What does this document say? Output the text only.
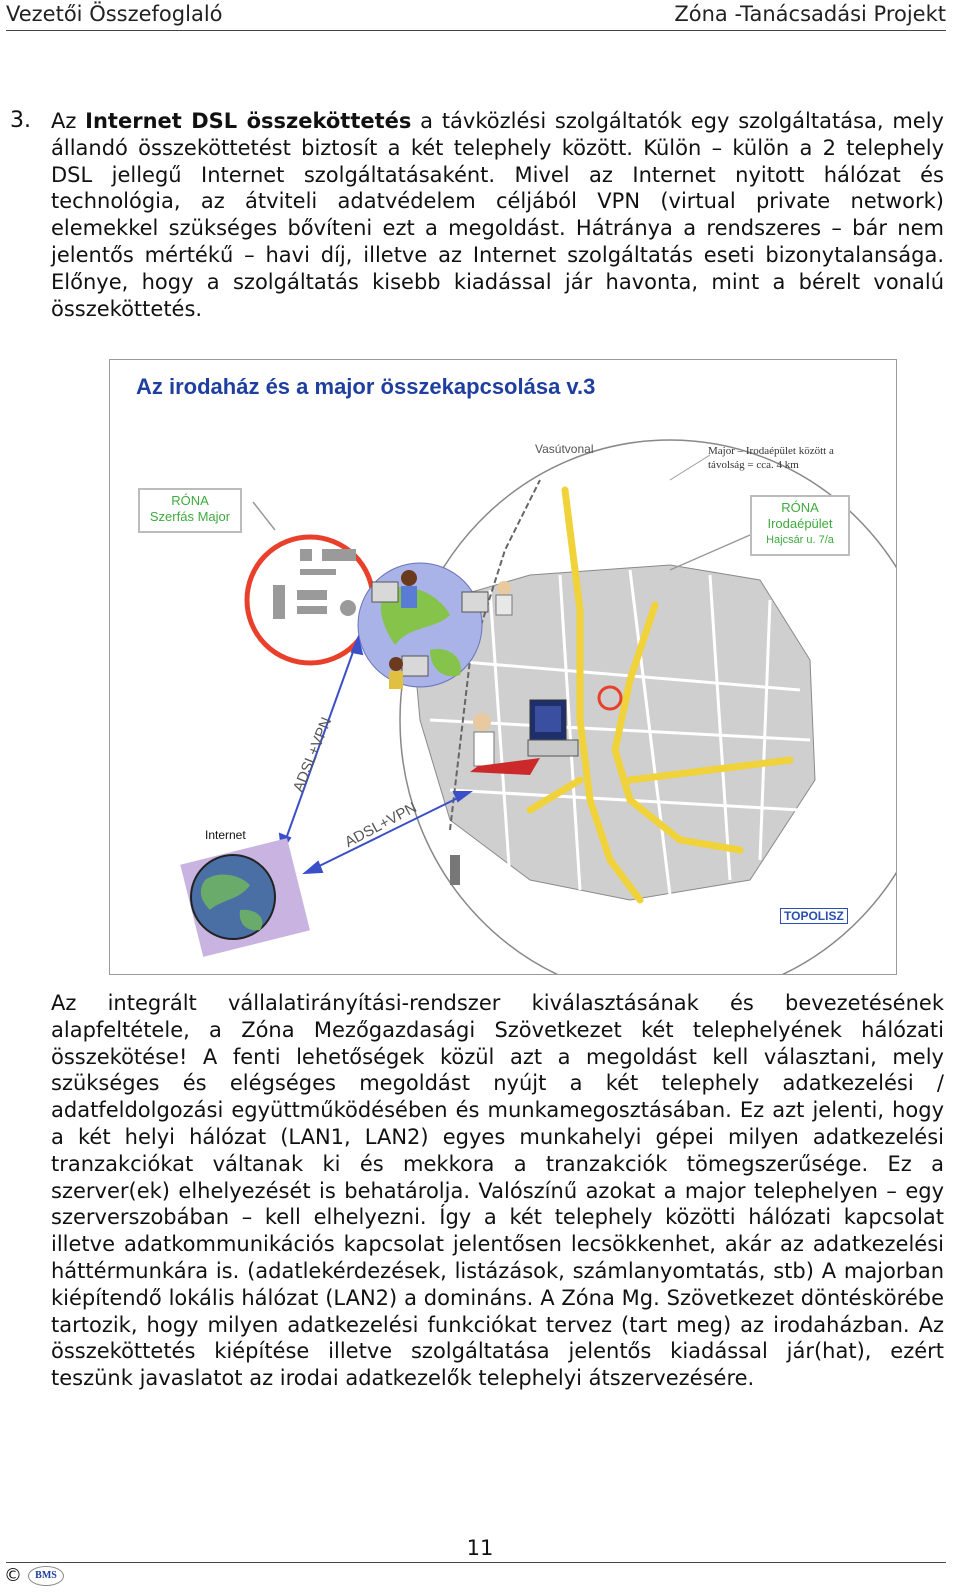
Vezetői Összefoglaló	Zóna -Tanácsadási Projekt
3. Az Internet DSL összeköttetés a távközlési szolgáltatók egy szolgáltatása, mely állandó összeköttetést biztosít a két telephely között. Külön – külön a 2 telephely DSL jellegű Internet szolgáltatásaként. Mivel az Internet nyitott hálózat és technológia, az átviteli adatvédelem céljából VPN (virtual private network) elemekkel szükséges bővíteni ezt a megoldást. Hátránya a rendszeres – bár nem jelentős mértékű – havi díj, illetve az Internet szolgáltatás eseti bizonytalansága. Előnye, hogy a szolgáltatás kisebb kiadással jár havonta, mint a bérelt vonalú összeköttetés.

Az irodaház és a major összekapcsolása v.3
Vasútvonal	Major – Irodaépület között a
távolság = cca. 4 km
RÓNA
Szerfás Major
RÓNA
Irodaépület
Hajcsár u. 7/a
ADSL+VPN
ADSL+VPN
Internet
TOPOLISZ

Az integrált vállalatirányítási-rendszer kiválasztásának és bevezetésének alapfeltétele, a Zóna Mezőgazdasági Szövetkezet két telephelyének hálózati összekötése! A fenti lehetőségek közül azt a megoldást kell választani, mely szükséges és elégséges megoldást nyújt a két telephely adatkezelési / adatfeldolgozási együttműködésében és munkamegosztásában. Ez azt jelenti, hogy a két helyi hálózat (LAN1, LAN2) egyes munkahelyi gépei milyen adatkezelési tranzakciókat váltanak ki és mekkora a tranzakciók tömegszerűsége. Ez a szerver(ek) elhelyezését is behatárolja. Valószínű azokat a major telephelyen – egy szerverszobában – kell elhelyezni. Így a két telephely közötti hálózati kapcsolat illetve adatkommunikációs kapcsolat jelentősen lecsökkenhet, akár az adatkezelési háttérmunkára is. (adatlekérdezések, listázások, számlanyomtatás, stb) A majorban kiépítendő lokális hálózat (LAN2) a domináns. A Zóna Mg. Szövetkezet döntéskörébe tartozik, hogy milyen adatkezelési funkciókat tervez (tart meg) az irodaházban. Az összeköttetés kiépítése illetve szolgáltatása jelentős kiadással jár(hat), ezért teszünk javaslatot az irodai adatkezelők telephelyi átszervezésére.

11
©	BMS
